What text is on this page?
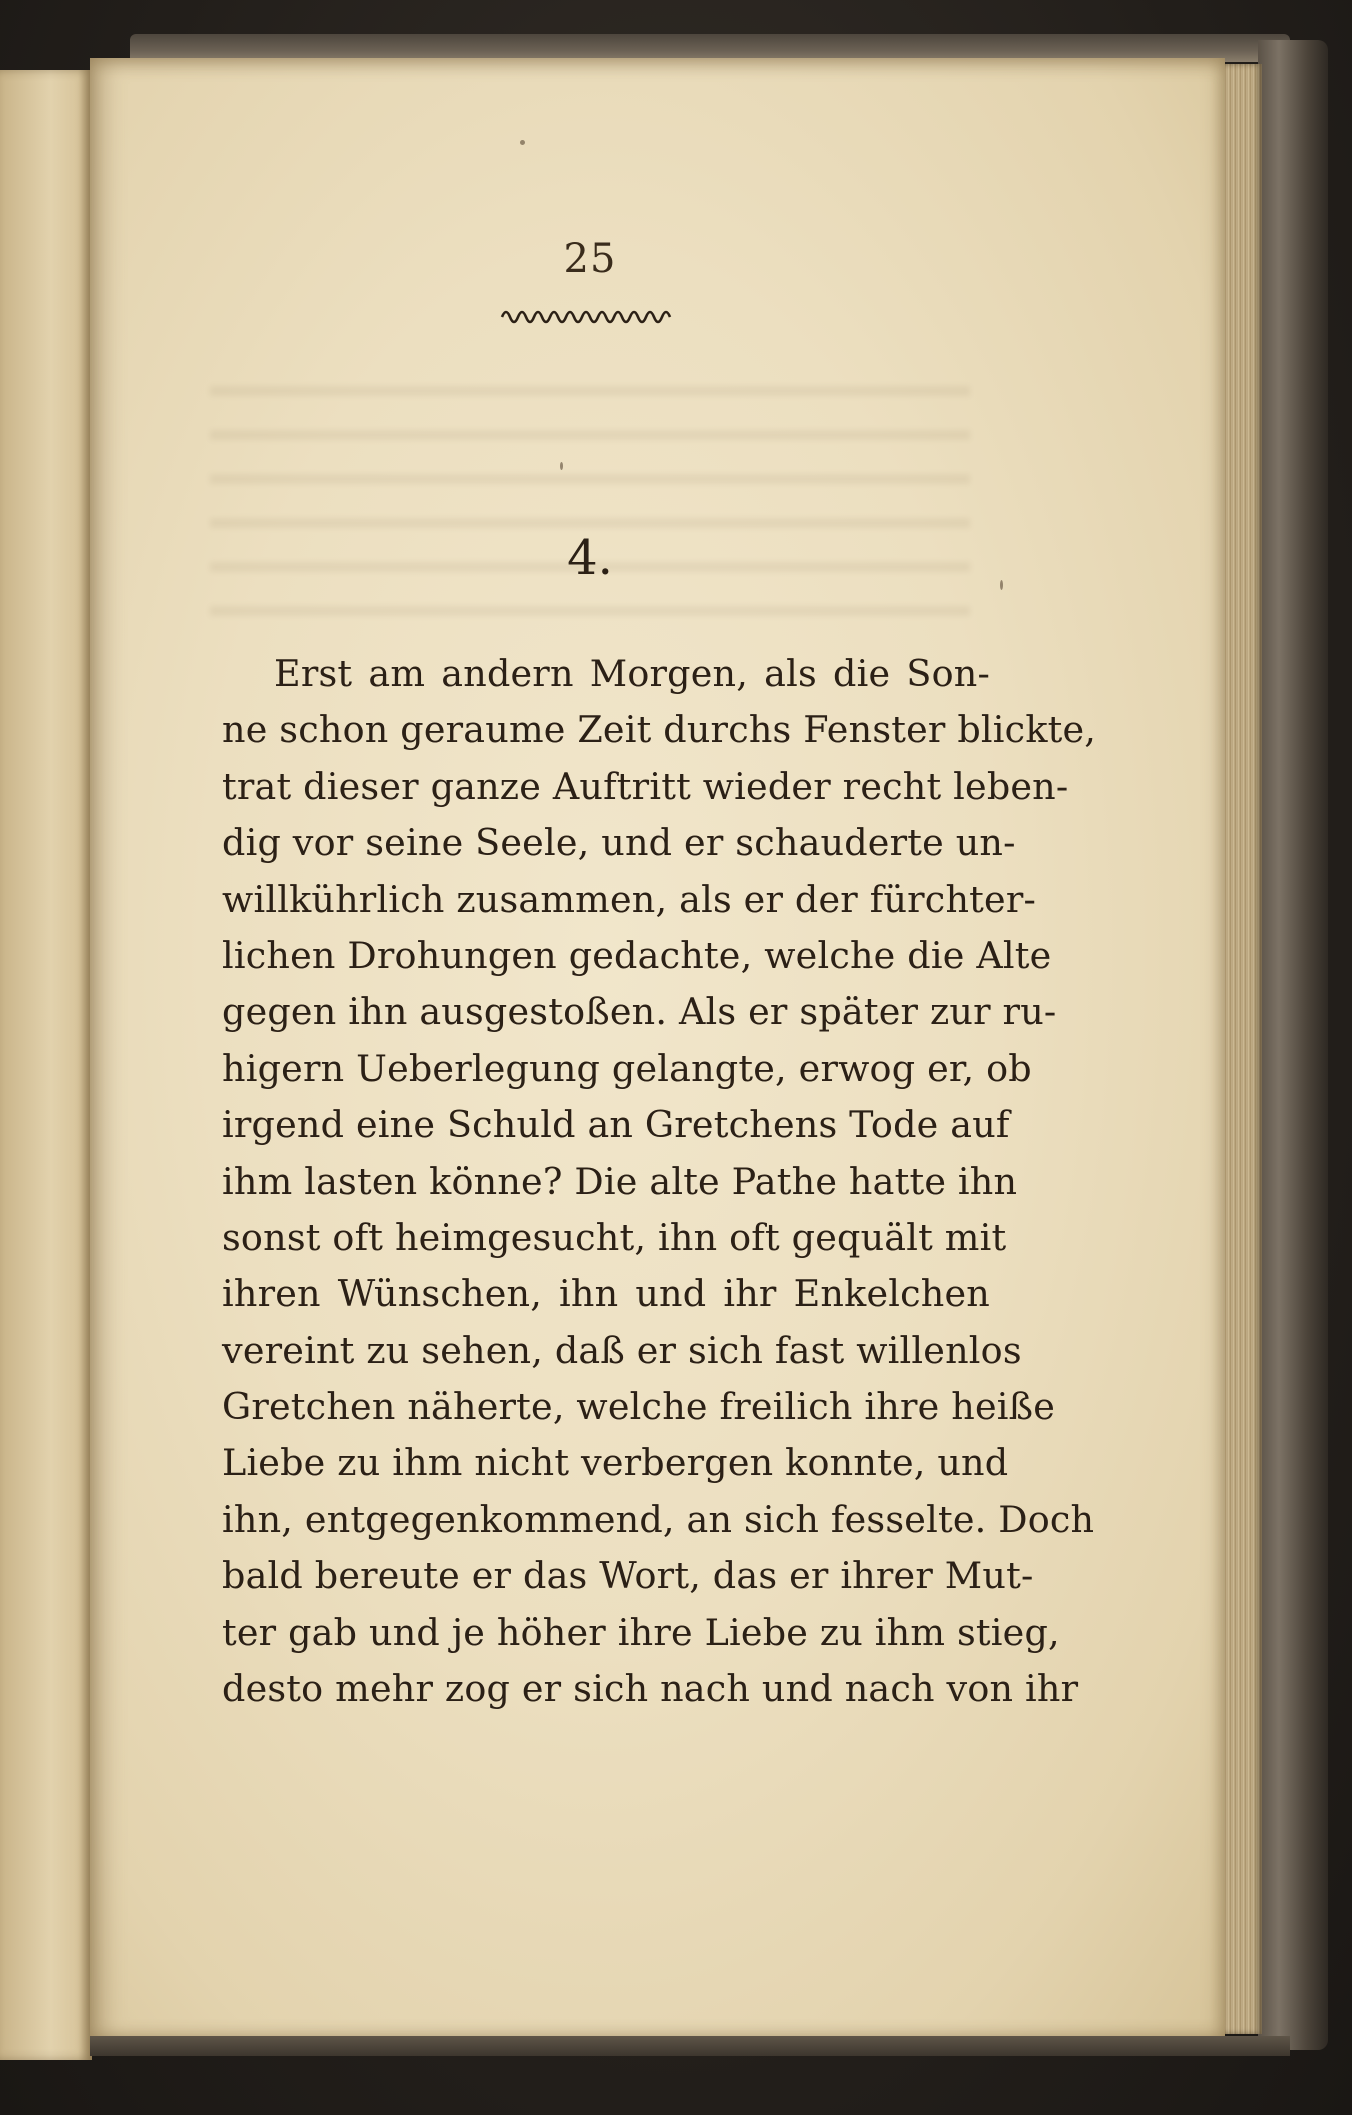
25
4.
Erst am andern Morgen, als die Son-
ne schon geraume Zeit durchs Fenster blickte,
trat dieser ganze Auftritt wieder recht leben-
dig vor seine Seele, und er schauderte un-
willkührlich zusammen, als er der fürchter-
lichen Drohungen gedachte, welche die Alte
gegen ihn ausgestoßen. Als er später zur ru-
higern Ueberlegung gelangte, erwog er, ob
irgend eine Schuld an Gretchens Tode auf
ihm lasten könne? Die alte Pathe hatte ihn
sonst oft heimgesucht, ihn oft gequält mit
ihren Wünschen, ihn und ihr Enkelchen
vereint zu sehen, daß er sich fast willenlos
Gretchen näherte, welche freilich ihre heiße
Liebe zu ihm nicht verbergen konnte, und
ihn, entgegenkommend, an sich fesselte. Doch
bald bereute er das Wort, das er ihrer Mut-
ter gab und je höher ihre Liebe zu ihm stieg,
desto mehr zog er sich nach und nach von ihr
